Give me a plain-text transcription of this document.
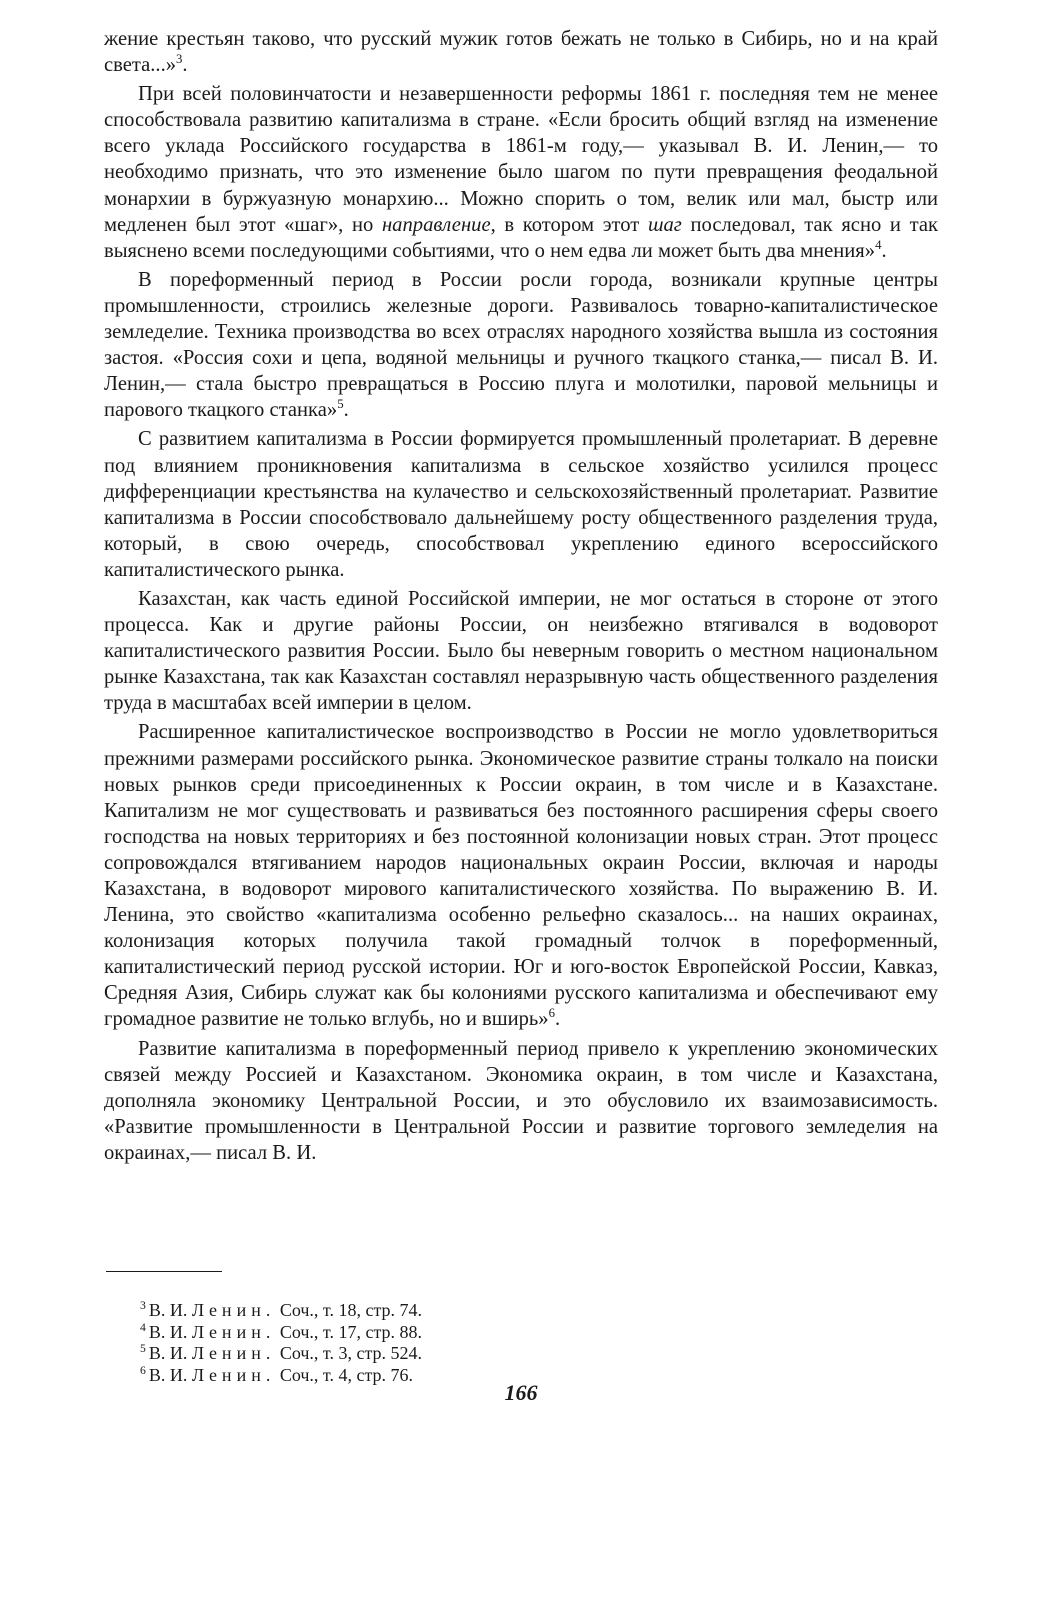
жение крестьян таково, что русский мужик готов бежать не только в Сибирь, но и на край света...»$^3$.

При всей половинчатости и незавершенности реформы 1861 г. последняя тем не менее способствовала развитию капитализма в стране. «Если бросить общий взгляд на изменение всего уклада Российского государства в 1861-м году,— указывал В. И. Ленин,— то необходимо признать, что это изменение было шагом по пути превращения феодальной монархии в буржуазную монархию... Можно спорить о том, велик или мал, быстр или медленен был этот «шаг», но направление, в котором этот шаг последовал, так ясно и так выяснено всеми последующими событиями, что о нем едва ли может быть два мнения»$^4$.

В пореформенный период в России росли города, возникали крупные центры промышленности, строились железные дороги. Развивалось товарно-капиталистическое земледелие. Техника производства во всех отраслях народного хозяйства вышла из состояния застоя. «Россия сохи и цепа, водяной мельницы и ручного ткацкого станка,— писал В. И. Ленин,— стала быстро превращаться в Россию плуга и молотилки, паровой мельницы и парового ткацкого станка»$^5$.

С развитием капитализма в России формируется промышленный пролетариат. В деревне под влиянием проникновения капитализма в сельское хозяйство усилился процесс дифференциации крестьянства на кулачество и сельскохозяйственный пролетариат. Развитие капитализма в России способствовало дальнейшему росту общественного разделения труда, который, в свою очередь, способствовал укреплению единого всероссийского капиталистического рынка.

Казахстан, как часть единой Российской империи, не мог остаться в стороне от этого процесса. Как и другие районы России, он неизбежно втягивался в водоворот капиталистического развития России. Было бы неверным говорить о местном национальном рынке Казахстана, так как Казахстан составлял неразрывную часть общественного разделения труда в масштабах всей империи в целом.

Расширенное капиталистическое воспроизводство в России не могло удовлетвориться прежними размерами российского рынка. Экономическое развитие страны толкало на поиски новых рынков среди присоединенных к России окраин, в том числе и в Казахстане. Капитализм не мог существовать и развиваться без постоянного расширения сферы своего господства на новых территориях и без постоянной колонизации новых стран. Этот процесс сопровождался втягиванием народов национальных окраин России, включая и народы Казахстана, в водоворот мирового капиталистического хозяйства. По выражению В. И. Ленина, это свойство «капитализма особенно рельефно сказалось... на наших окраинах, колонизация которых получила такой громадный толчок в пореформенный, капиталистический период русской истории. Юг и юго-восток Европейской России, Кавказ, Средняя Азия, Сибирь служат как бы колониями русского капитализма и обеспечивают ему громадное развитие не только вглубь, но и вширь»$^6$.

Развитие капитализма в пореформенный период привело к укреплению экономических связей между Россией и Казахстаном. Экономика окраин, в том числе и Казахстана, дополняла экономику Центральной России, и это обусловило их взаимозависимость. «Развитие промышленности в Центральной России и развитие торгового земледелия на окраинах,— писал В. И.

$^3$ В. И. Ленин. Соч., т. 18, стр. 74.
$^4$ В. И. Ленин. Соч., т. 17, стр. 88.
$^5$ В. И. Ленин. Соч., т. 3, стр. 524.
$^6$ В. И. Ленин. Соч., т. 4, стр. 76.
166
